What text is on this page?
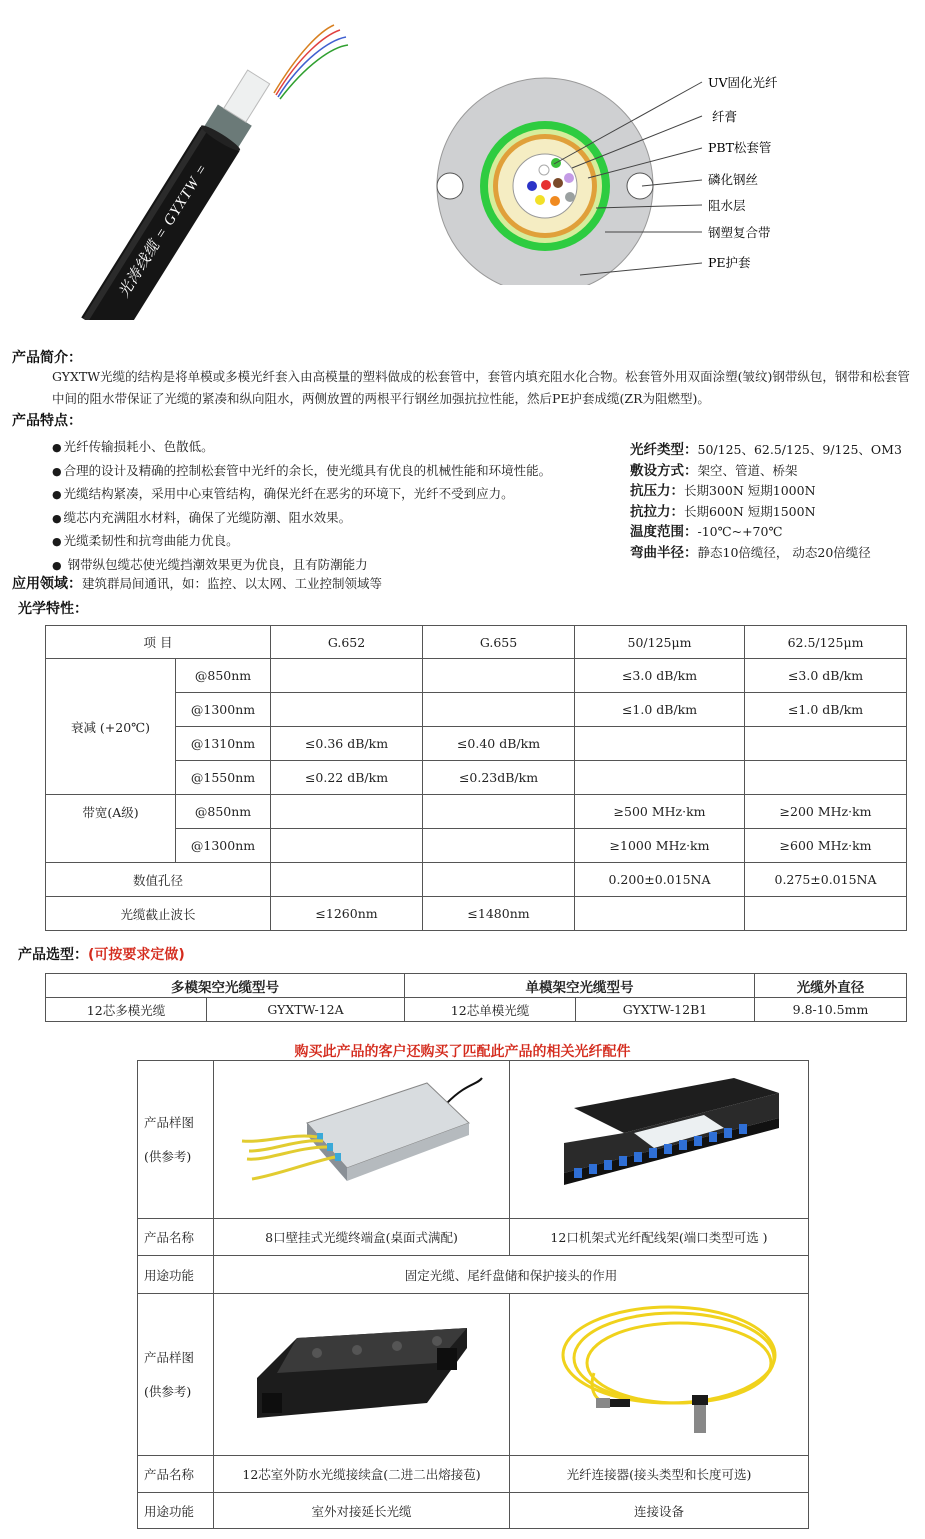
光涛线缆 = GYXTW =
UV固化光纤
纤膏
PBT松套管
磷化钢丝
阻水层
钢塑复合带
PE护套
产品简介：
GYXTW光缆的结构是将单模或多模光纤套入由高模量的塑料做成的松套管中，套管内填充阻水化合物。松套管外用双面涂塑(皱纹)钢带纵包，钢带和松套管中间的阻水带保证了光缆的紧凑和纵向阻水，两侧放置的两根平行钢丝加强抗拉性能，然后PE护套成缆(ZR为阻燃型)。
产品特点：
● 光纤传输损耗小、色散低。
● 合理的设计及精确的控制松套管中光纤的余长，使光缆具有优良的机械性能和环境性能。
● 光缆结构紧凑，采用中心束管结构，确保光纤在恶劣的环境下，光纤不受到应力。
● 缆芯内充满阻水材料，确保了光缆防潮、阻水效果。
● 光缆柔韧性和抗弯曲能力优良。
● 钢带纵包缆芯使光缆挡潮效果更为优良，且有防潮能力
光纤类型：50/125、62.5/125、9/125、OM3
敷设方式：架空、管道、桥架
抗压力：长期300N 短期1000N
抗拉力：长期600N 短期1500N
温度范围：-10℃~+70℃
弯曲半径：静态10倍缆径， 动态20倍缆径
应用领域：建筑群局间通讯，如：监控、以太网、工业控制领域等
光学特性：
项 目		G.652	G.655	50/125μm	62.5/125μm
衰减 (+20℃)	@850nm			≤3.0 dB/km	≤3.0 dB/km
	@1300nm			≤1.0 dB/km	≤1.0 dB/km
	@1310nm	≤0.36 dB/km	≤0.40 dB/km		
	@1550nm	≤0.22 dB/km	≤0.23dB/km		
带宽(A级)	@850nm			≥500 MHz·km	≥200 MHz·km
	@1300nm			≥1000 MHz·km	≥600 MHz·km
数值孔径				0.200±0.015NA	0.275±0.015NA
光缆截止波长		≤1260nm	≤1480nm		
产品选型：(可按要求定做)
多模架空光缆型号		单模架空光缆型号		光缆外直径
12芯多模光缆	GYXTW-12A	12芯单模光缆	GYXTW-12B1	9.8-10.5mm
购买此产品的客户还购买了匹配此产品的相关光纤配件
产品样图
(供参考)

产品名称	8口壁挂式光缆终端盒(桌面式满配)	12口机架式光纤配线架(端口类型可选 )
用途功能	固定光缆、尾纤盘储和保护接头的作用	

产品样图
(供参考)

产品名称	12芯室外防水光缆接续盒(二进二出熔接苞)	光纤连接器(接头类型和长度可选)
用途功能	室外对接延长光缆	连接设备
